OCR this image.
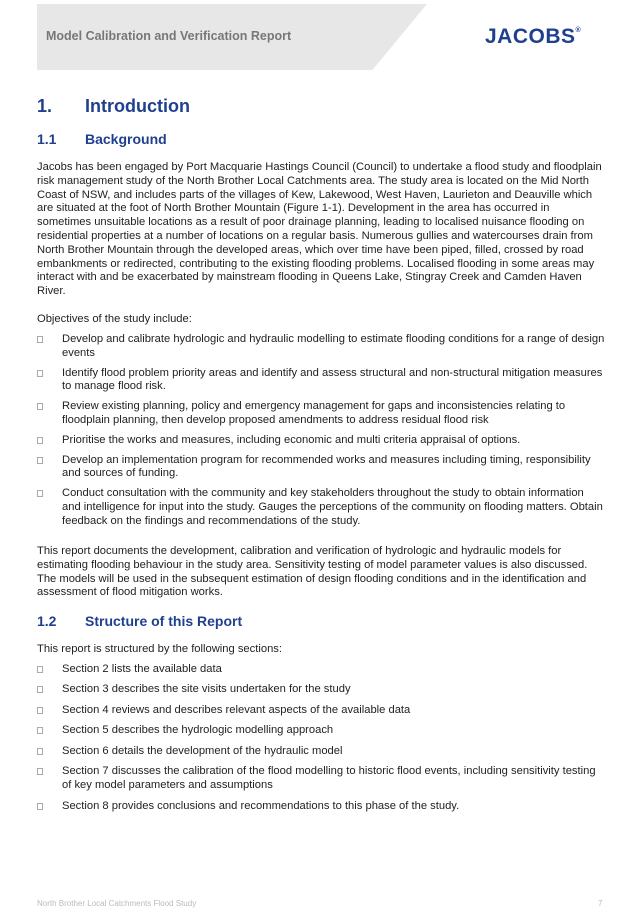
Model Calibration and Verification Report	JACOBS®
1. Introduction
1.1 Background
Jacobs has been engaged by Port Macquarie Hastings Council (Council) to undertake a flood study and floodplain risk management study of the North Brother Local Catchments area. The study area is located on the Mid North Coast of NSW, and includes parts of the villages of Kew, Lakewood, West Haven, Laurieton and Deauville which are situated at the foot of North Brother Mountain (Figure 1-1). Development in the area has occurred in sometimes unsuitable locations as a result of poor drainage planning, leading to localised nuisance flooding on residential properties at a number of locations on a regular basis. Numerous gullies and watercourses drain from North Brother Mountain through the developed areas, which over time have been piped, filled, crossed by road embankments or redirected, contributing to the existing flooding problems. Localised flooding in some areas may interact with and be exacerbated by mainstream flooding in Queens Lake, Stingray Creek and Camden Haven River.
Objectives of the study include:
Develop and calibrate hydrologic and hydraulic modelling to estimate flooding conditions for a range of design events
Identify flood problem priority areas and identify and assess structural and non-structural mitigation measures to manage flood risk.
Review existing planning, policy and emergency management for gaps and inconsistencies relating to floodplain planning, then develop proposed amendments to address residual flood risk
Prioritise the works and measures, including economic and multi criteria appraisal of options.
Develop an implementation program for recommended works and measures including timing, responsibility and sources of funding.
Conduct consultation with the community and key stakeholders throughout the study to obtain information and intelligence for input into the study. Gauges the perceptions of the community on flooding matters. Obtain feedback on the findings and recommendations of the study.
This report documents the development, calibration and verification of hydrologic and hydraulic models for estimating flooding behaviour in the study area. Sensitivity testing of model parameter values is also discussed. The models will be used in the subsequent estimation of design flooding conditions and in the identification and assessment of flood mitigation works.
1.2 Structure of this Report
This report is structured by the following sections:
Section 2 lists the available data
Section 3 describes the site visits undertaken for the study
Section 4 reviews and describes relevant aspects of the available data
Section 5 describes the hydrologic modelling approach
Section 6 details the development of the hydraulic model
Section 7 discusses the calibration of the flood modelling to historic flood events, including sensitivity testing of key model parameters and assumptions
Section 8 provides conclusions and recommendations to this phase of the study.
North Brother Local Catchments Flood Study	7
